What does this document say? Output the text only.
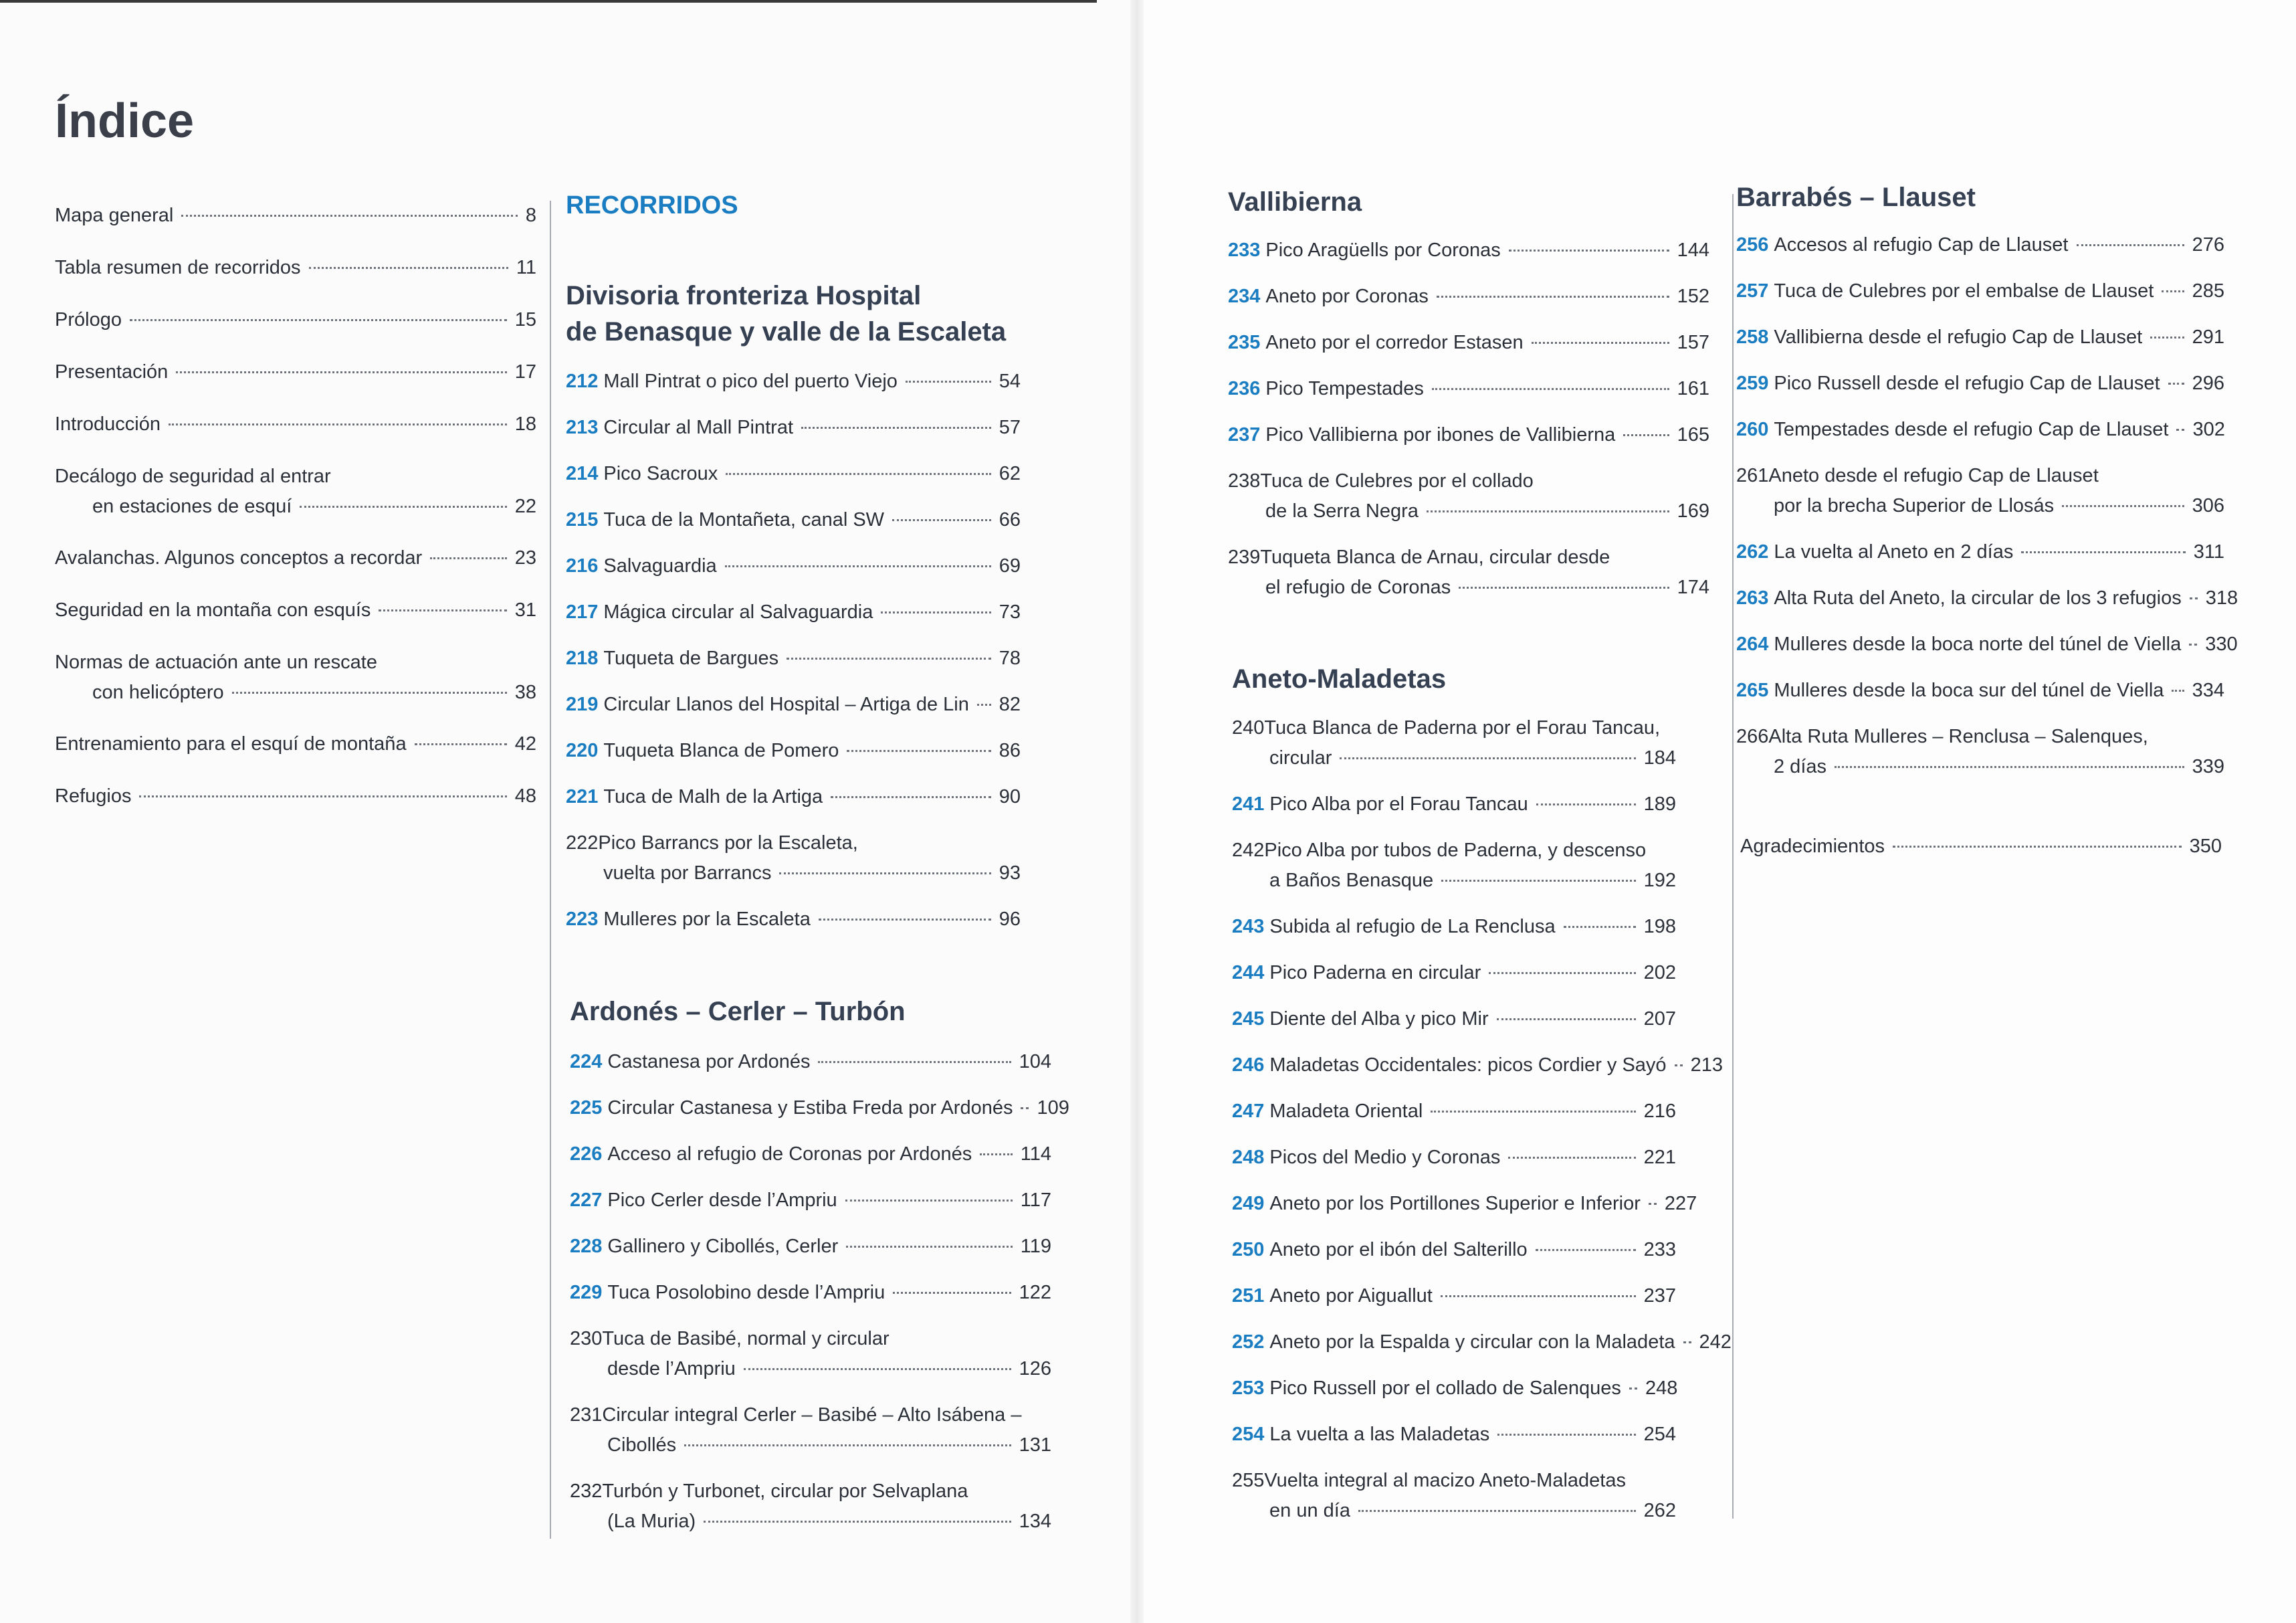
Índice
Mapa general	8
Tabla resumen de recorridos	11
Prólogo	15
Presentación	17
Introducción	18
Decálogo de seguridad al entrar
en estaciones de esquí	22
Avalanchas. Algunos conceptos a recordar	23
Seguridad en la montaña con esquís	31
Normas de actuación ante un rescate
con helicóptero	38
Entrenamiento para el esquí de montaña	42
Refugios	48
RECORRIDOS
Divisoria fronteriza Hospital
de Benasque y valle de la Escaleta
212 Mall Pintrat o pico del puerto Viejo	54
213 Circular al Mall Pintrat	57
214 Pico Sacroux	62
215 Tuca de la Montañeta, canal SW	66
216 Salvaguardia	69
217 Mágica circular al Salvaguardia	73
218 Tuqueta de Bargues	78
219 Circular Llanos del Hospital – Artiga de Lin 82
220 Tuqueta Blanca de Pomero	86
221 Tuca de Malh de la Artiga	90
222Pico Barrancs por la Escaleta,
vuelta por Barrancs	93
223 Mulleres por la Escaleta	96
Ardonés – Cerler – Turbón
224 Castanesa por Ardonés	104
225 Circular Castanesa y Estiba Freda por Ardonés 109
226 Acceso al refugio de Coronas por Ardonés 114
227 Pico Cerler desde l’Ampriu	117
228 Gallinero y Cibollés, Cerler	119
229 Tuca Posolobino desde l’Ampriu	122
230Tuca de Basibé, normal y circular
desde l’Ampriu	126
231Circular integral Cerler – Basibé – Alto Isábena –
Cibollés	131
232Turbón y Turbonet, circular por Selvaplana
(La Muria)	134
Vallibierna
233 Pico Aragüells por Coronas	144
234 Aneto por Coronas	152
235 Aneto por el corredor Estasen	157
236 Pico Tempestades	161
237 Pico Vallibierna por ibones de Vallibierna	165
238Tuca de Culebres por el collado
de la Serra Negra	169
239Tuqueta Blanca de Arnau, circular desde
el refugio de Coronas	174
Aneto-Maladetas
240Tuca Blanca de Paderna por el Forau Tancau,
circular	184
241 Pico Alba por el Forau Tancau	189
242Pico Alba por tubos de Paderna, y descenso
a Baños Benasque	192
243 Subida al refugio de La Renclusa	198
244 Pico Paderna en circular	202
245 Diente del Alba y pico Mir	207
246 Maladetas Occidentales: picos Cordier y Sayó 213
247 Maladeta Oriental	216
248 Picos del Medio y Coronas	221
249 Aneto por los Portillones Superior e Inferior 227
250 Aneto por el ibón del Salterillo	233
251 Aneto por Aiguallut	237
252 Aneto por la Espalda y circular con la Maladeta 242
253 Pico Russell por el collado de Salenques 248
254 La vuelta a las Maladetas	254
255Vuelta integral al macizo Aneto-Maladetas
en un día	262
Barrabés – Llauset
256 Accesos al refugio Cap de Llauset	276
257 Tuca de Culebres por el embalse de Llauset 285
258 Vallibierna desde el refugio Cap de Llauset	291
259 Pico Russell desde el refugio Cap de Llauset 296
260 Tempestades desde el refugio Cap de Llauset 302
261Aneto desde el refugio Cap de Llauset
por la brecha Superior de Llosás	306
262 La vuelta al Aneto en 2 días	311
263 Alta Ruta del Aneto, la circular de los 3 refugios 318
264 Mulleres desde la boca norte del túnel de Viella 330
265 Mulleres desde la boca sur del túnel de Viella 334
266Alta Ruta Mulleres – Renclusa – Salenques,
2 días	339
Agradecimientos	350
